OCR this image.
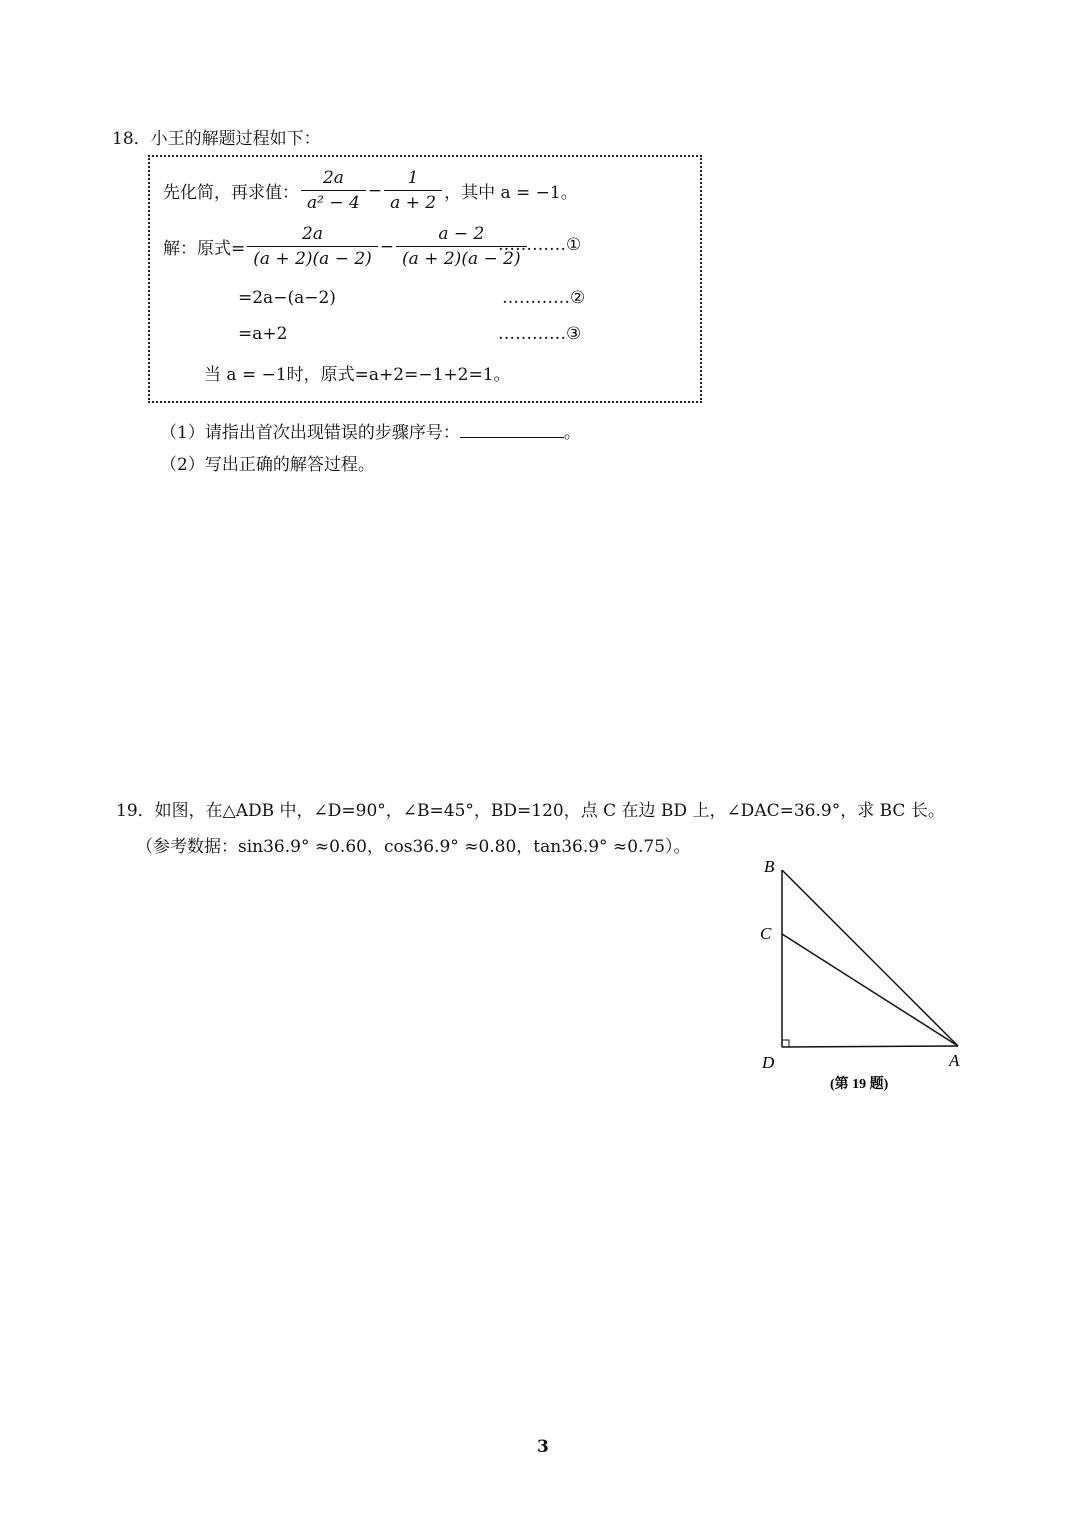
18．小王的解题过程如下：
先化简，再求值： $\frac{2a}{\text{a² − 4}} - \frac{1}{a + 2}$ ，其中 a = −1。
解：原式= $\frac{2a}{(a + 2)(a - 2)} - \frac{a - 2}{(a + 2)(a - 2)}$
…………①
=2a−(a−2)	…………②
=a+2	…………③
当 a = −1时，原式=a+2=−1+2=1。
（1）请指出首次出现错误的步骤序号：	。
（2）写出正确的解答过程。
19．如图，在△ADB 中，∠D=90°，∠B=45°，BD=120，点 C 在边 BD 上，∠DAC=36.9°，求 BC 长。
（参考数据：sin36.9° ≈0.60，cos36.9° ≈0.80，tan36.9° ≈0.75）。
B
C
D	A
(第 19 题)
3
